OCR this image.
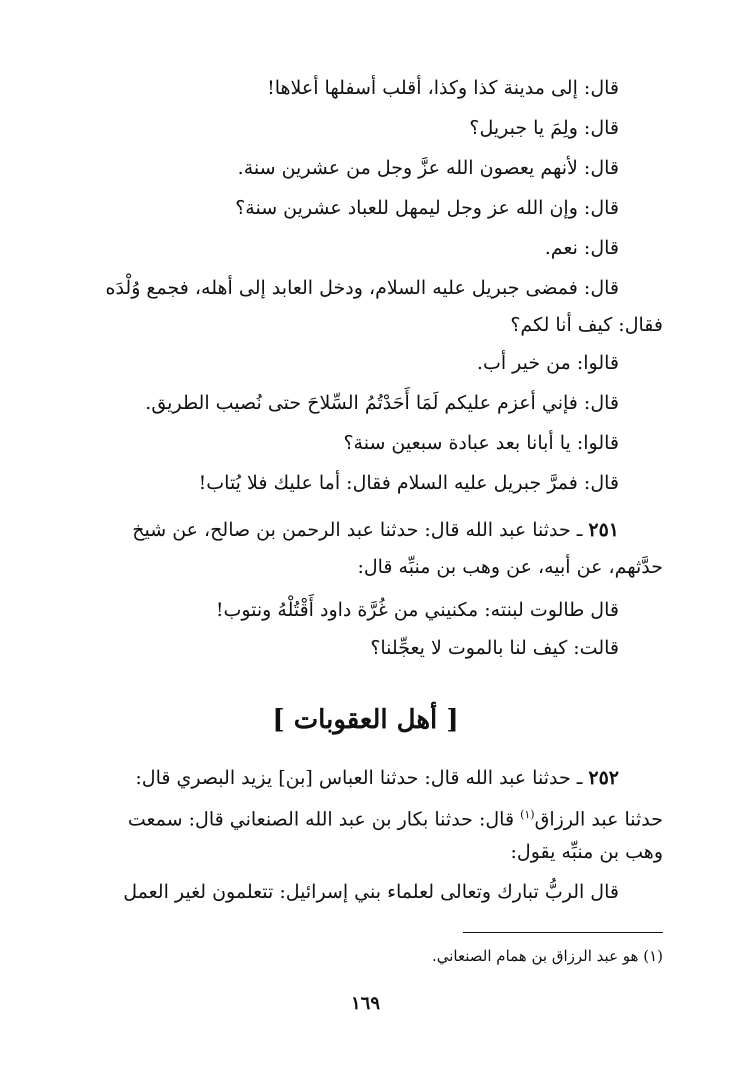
قال: إلى مدينة كذا وكذا، أقلب أسفلها أعلاها!
قال: ولِمَ يا جبريل؟
قال: لأنهم يعصون الله عزَّ وجل من عشرين سنة.
قال: وإن الله عز وجل ليمهل للعباد عشرين سنة؟
قال: نعم.
قال: فمضى جبريل عليه السلام، ودخل العابد إلى أهله، فجمع وُلْدَه
فقال: كيف أنا لكم؟
قالوا: من خير أب.
قال: فإني أعزم عليكم لَمَا أَحَدْتُمُ السِّلاحَ حتى نُصيب الطريق.
قالوا: يا أبانا بعد عبادة سبعين سنة؟
قال: فمرَّ جبريل عليه السلام فقال: أما عليك فلا يُتاب!
٢٥١ ـ حدثنا عبد الله قال: حدثنا عبد الرحمن بن صالح، عن شيخ
حدَّثهم، عن أبيه، عن وهب بن منبِّه قال:
قال طالوت لبنته: مكنيني من غُرَّة داود أَقْتُلْهُ ونتوب!
قالت: كيف لنا بالموت لا يعجِّلنا؟
[ أهل العقوبات ]
٢٥٢ ـ حدثنا عبد الله قال: حدثنا العباس [بن] يزيد البصري قال:
حدثنا عبد الرزاق$^{(١)}$ قال: حدثنا بكار بن عبد الله الصنعاني قال: سمعت
وهب بن منبِّه يقول:
قال الربُّ تبارك وتعالى لعلماء بني إسرائيل: تتعلمون لغير العمل
(١) هو عبد الرزاق بن همام الصنعاني.
١٦٩
